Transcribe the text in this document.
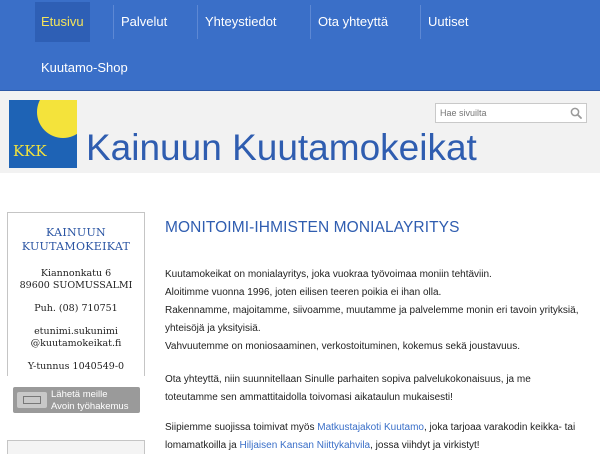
Etusivu	Palvelut	Yhteystiedot	Ota yhteyttä	Uutiset
Kuutamo-Shop
KKK Kainuun Kuutamokeikat
Hae sivuilta
KAINUUN
KUUTAMOKEIKAT
Kiannonkatu 6
89600 SUOMUSSALMI
Puh. (08) 710751
etunimi.sukunimi
@kuutamokeikat.fi
Y-tunnus 1040549-0
Lähetä meille
Avoin työhakemus
MONITOIMI-IHMISTEN MONIALAYRITYS
Kuutamokeikat on monialayritys, joka vuokraa työvoimaa moniin tehtäviin.
Aloitimme vuonna 1996, joten eilisen teeren poikia ei ihan olla.
Rakennamme, majoitamme, siivoamme, muutamme ja palvelemme monin eri tavoin yrityksiä,
yhteisöjä ja yksityisiä.
Vahvuutemme on moniosaaminen, verkostoituminen, kokemus sekä joustavuus.
Ota yhteyttä, niin suunnitellaan Sinulle parhaiten sopiva palvelukokonaisuus, ja me
toteutamme sen ammattitaidolla toivomasi aikataulun mukaisesti!
Siipiemme suojissa toimivat myös Matkustajakoti Kuutamo, joka tarjoaa varakodin keikka- tai
lomamatkoilla ja Hiljaisen Kansan Niittykahvila, jossa viihdyt ja virkistyt!
